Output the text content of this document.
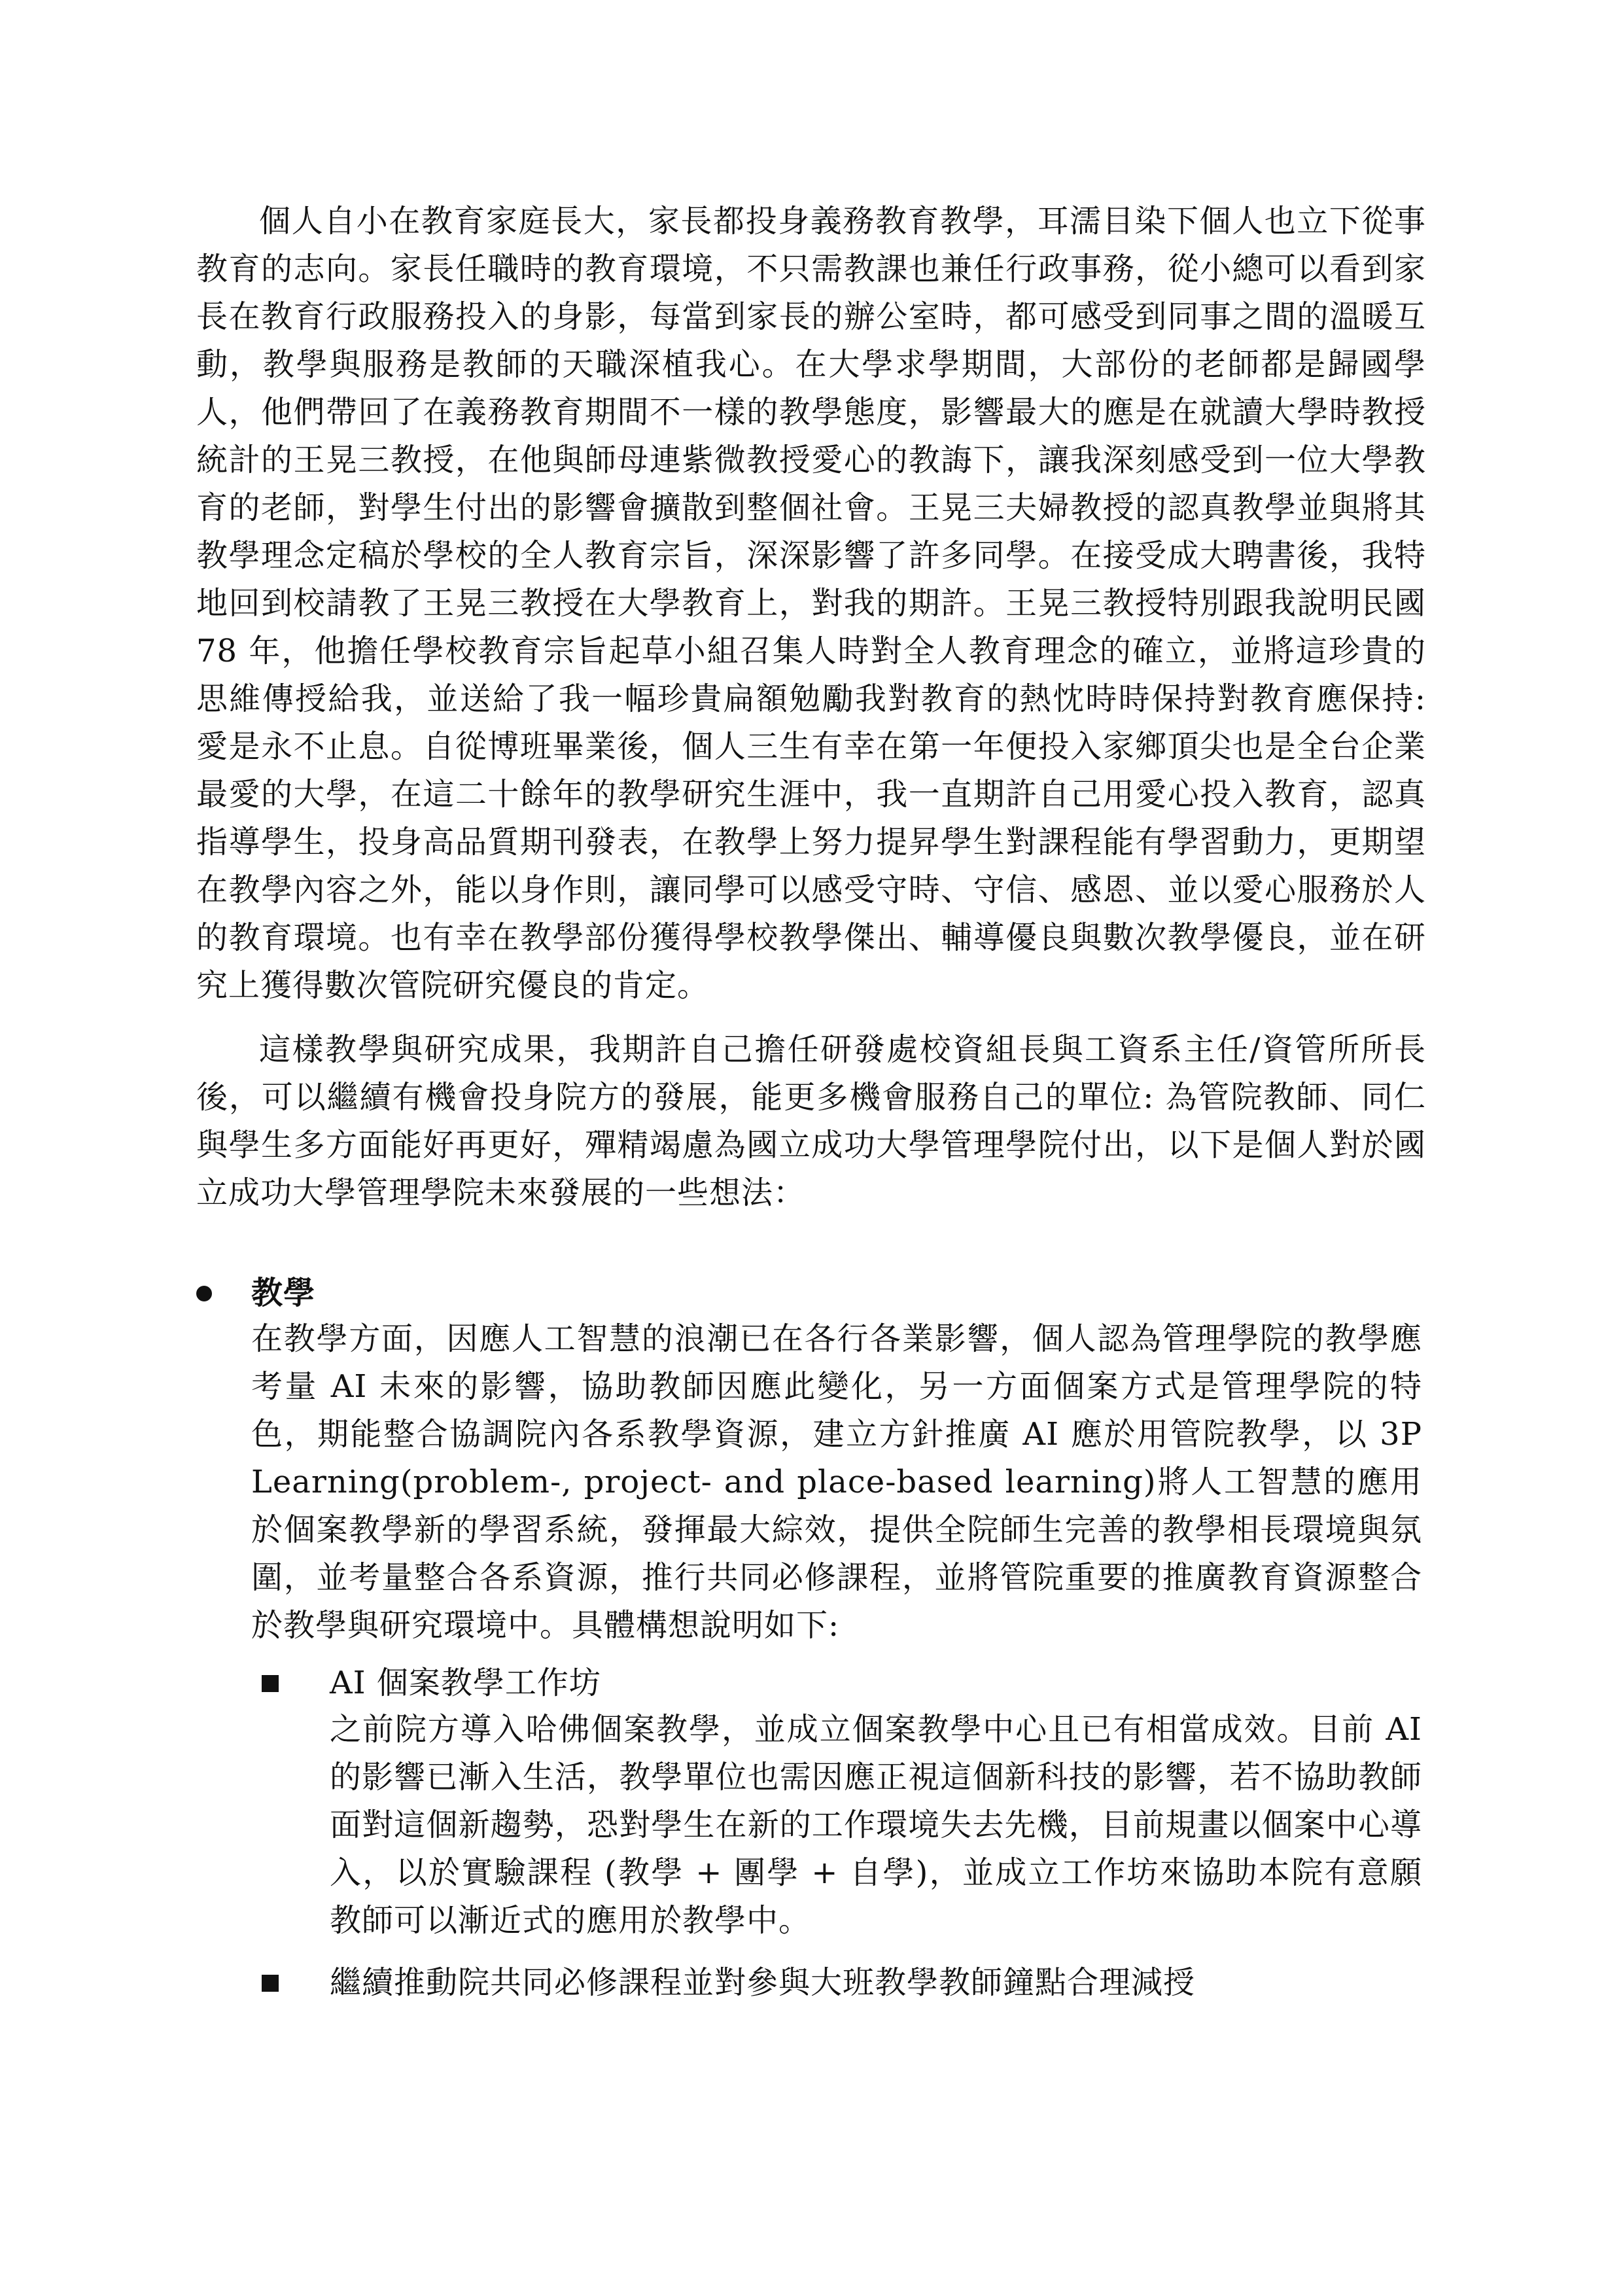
個人自小在教育家庭長大，家長都投身義務教育教學，耳濡目染下個人也立下從事教育的志向。家長任職時的教育環境，不只需教課也兼任行政事務，從小總可以看到家長在教育行政服務投入的身影，每當到家長的辦公室時，都可感受到同事之間的溫暖互動，教學與服務是教師的天職深植我心。在大學求學期間，大部份的老師都是歸國學人，他們帶回了在義務教育期間不一樣的教學態度，影響最大的應是在就讀大學時教授統計的王晃三教授，在他與師母連紫微教授愛心的教誨下，讓我深刻感受到一位大學教育的老師，對學生付出的影響會擴散到整個社會。王晃三夫婦教授的認真教學並與將其教學理念定稿於學校的全人教育宗旨，深深影響了許多同學。在接受成大聘書後，我特地回到校請教了王晃三教授在大學教育上，對我的期許。王晃三教授特別跟我說明民國 78 年，他擔任學校教育宗旨起草小組召集人時對全人教育理念的確立，並將這珍貴的思維傳授給我，並送給了我一幅珍貴扁額勉勵我對教育的熱忱時時保持對教育應保持: 愛是永不止息。自從博班畢業後，個人三生有幸在第一年便投入家鄉頂尖也是全台企業最愛的大學，在這二十餘年的教學研究生涯中，我一直期許自己用愛心投入教育，認真指導學生，投身高品質期刊發表，在教學上努力提昇學生對課程能有學習動力，更期望在教學內容之外，能以身作則，讓同學可以感受守時、守信、感恩、並以愛心服務於人的教育環境。也有幸在教學部份獲得學校教學傑出、輔導優良與數次教學優良，並在研究上獲得數次管院研究優良的肯定。

這樣教學與研究成果，我期許自己擔任研發處校資組長與工資系主任/資管所所長後，可以繼續有機會投身院方的發展，能更多機會服務自己的單位: 為管院教師、同仁與學生多方面能好再更好，殫精竭慮為國立成功大學管理學院付出，以下是個人對於國立成功大學管理學院未來發展的一些想法：

教學

在教學方面，因應人工智慧的浪潮已在各行各業影響，個人認為管理學院的教學應考量 AI 未來的影響，協助教師因應此變化，另一方面個案方式是管理學院的特色，期能整合協調院內各系教學資源，建立方針推廣 AI 應於用管院教學，以 3P Learning(problem-, project- and place-based learning)將人工智慧的應用於個案教學新的學習系統，發揮最大綜效，提供全院師生完善的教學相長環境與氛圍，並考量整合各系資源，推行共同必修課程，並將管院重要的推廣教育資源整合於教學與研究環境中。具體構想說明如下:

AI 個案教學工作坊

之前院方導入哈佛個案教學，並成立個案教學中心且已有相當成效。目前 AI 的影響已漸入生活，教學單位也需因應正視這個新科技的影響，若不協助教師面對這個新趨勢，恐對學生在新的工作環境失去先機，目前規畫以個案中心導入，以於實驗課程 (教學 + 團學 + 自學)，並成立工作坊來協助本院有意願教師可以漸近式的應用於教學中。

繼續推動院共同必修課程並對參與大班教學教師鐘點合理減授
